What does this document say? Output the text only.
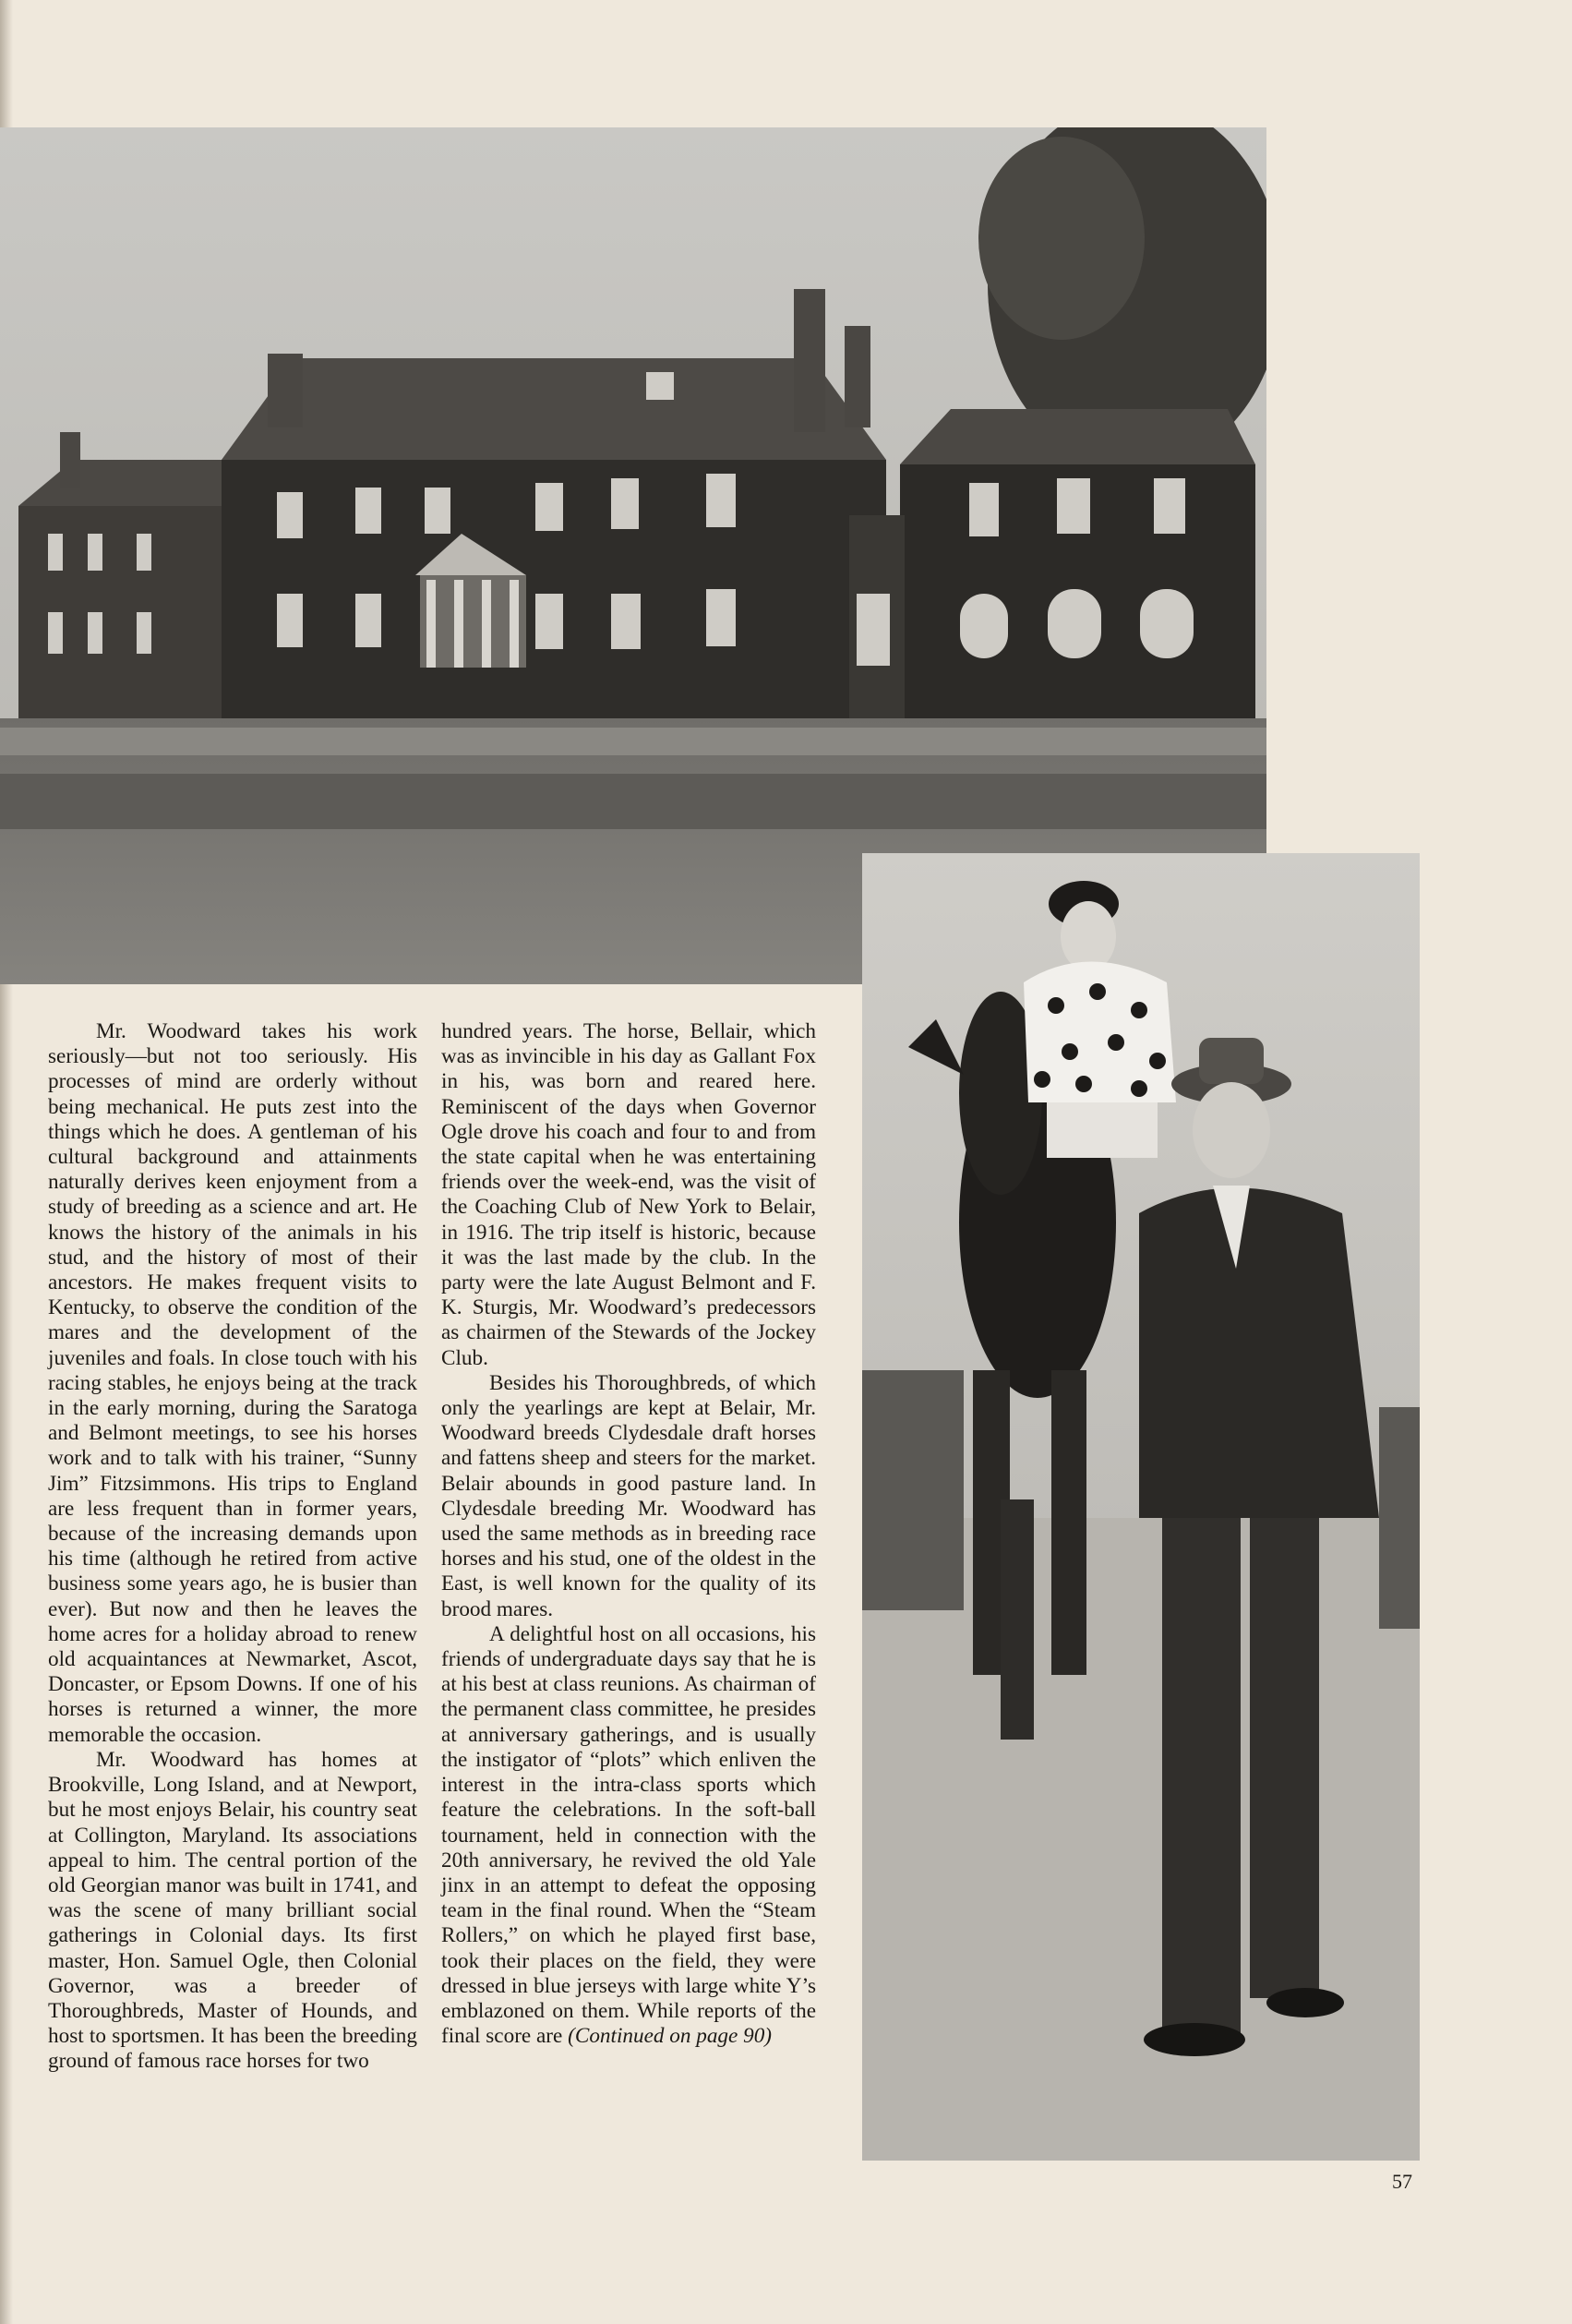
Mr. Woodward takes his work seriously—but not too seriously. His processes of mind are orderly without being mechanical. He puts zest into the things which he does. A gentleman of his cultural background and attainments naturally derives keen enjoyment from a study of breeding as a science and art. He knows the history of the animals in his stud, and the history of most of their ancestors. He makes frequent visits to Kentucky, to observe the condition of the mares and the development of the juveniles and foals. In close touch with his racing stables, he enjoys being at the track in the early morning, during the Saratoga and Belmont meetings, to see his horses work and to talk with his trainer, “Sunny Jim” Fitzsimmons. His trips to England are less frequent than in former years, because of the increasing demands upon his time (although he retired from active business some years ago, he is busier than ever). But now and then he leaves the home acres for a holiday abroad to renew old acquaintances at Newmarket, Ascot, Doncaster, or Epsom Downs. If one of his horses is returned a winner, the more memorable the occasion.

Mr. Woodward has homes at Brookville, Long Island, and at Newport, but he most enjoys Belair, his country seat at Collington, Maryland. Its associations appeal to him. The central portion of the old Georgian manor was built in 1741, and was the scene of many brilliant social gatherings in Colonial days. Its first master, Hon. Samuel Ogle, then Colonial Governor, was a breeder of Thoroughbreds, Master of Hounds, and host to sportsmen. It has been the breeding ground of famous race horses for two

hundred years. The horse, Bellair, which was as invincible in his day as Gallant Fox in his, was born and reared here. Reminiscent of the days when Governor Ogle drove his coach and four to and from the state capital when he was entertaining friends over the week-end, was the visit of the Coaching Club of New York to Belair, in 1916. The trip itself is historic, because it was the last made by the club. In the party were the late August Belmont and F. K. Sturgis, Mr. Woodward’s predecessors as chairmen of the Stewards of the Jockey Club.

Besides his Thoroughbreds, of which only the yearlings are kept at Belair, Mr. Woodward breeds Clydesdale draft horses and fattens sheep and steers for the market. Belair abounds in good pasture land. In Clydesdale breeding Mr. Woodward has used the same methods as in breeding race horses and his stud, one of the oldest in the East, is well known for the quality of its brood mares.

A delightful host on all occasions, his friends of undergraduate days say that he is at his best at class reunions. As chairman of the permanent class committee, he presides at anniversary gatherings, and is usually the instigator of “plots” which enliven the interest in the intra-class sports which feature the celebrations. In the soft-ball tournament, held in connection with the 20th anniversary, he revived the old Yale jinx in an attempt to defeat the opposing team in the final round. When the “Steam Rollers,” on which he played first base, took their places on the field, they were dressed in blue jerseys with large white Y’s emblazoned on them. While reports of the final score are (Continued on page 90)

57
